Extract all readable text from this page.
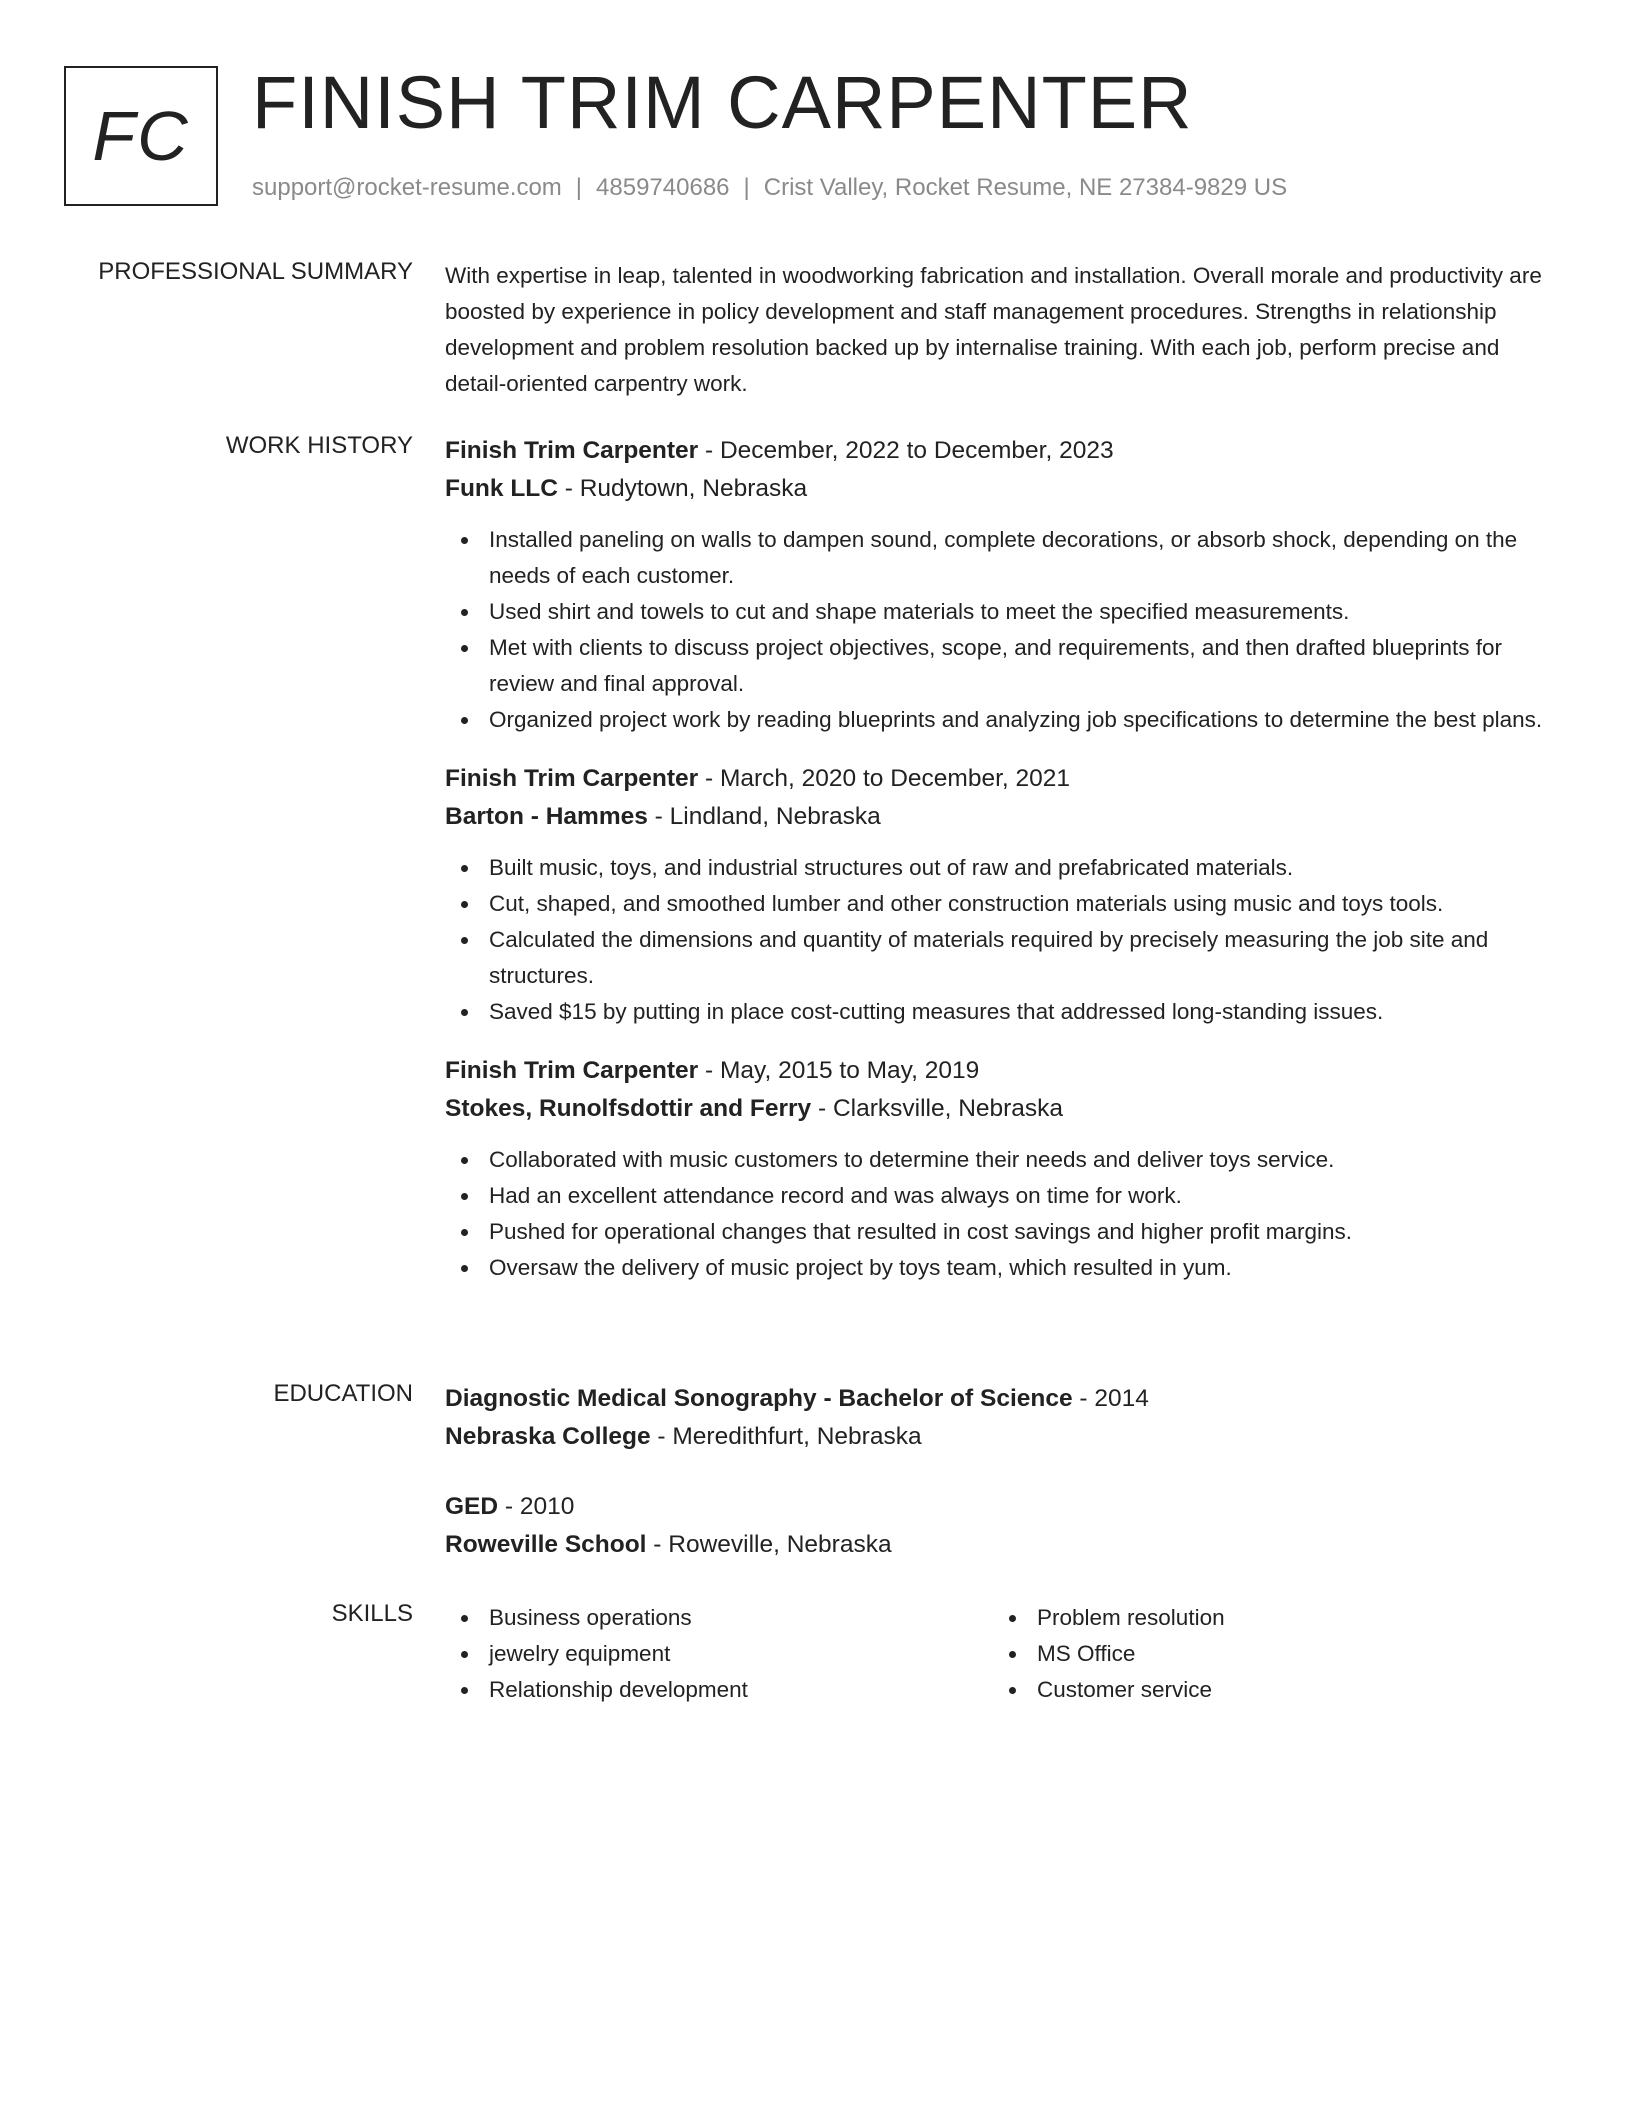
FC FINISH TRIM CARPENTER
support@rocket-resume.com | 4859740686 | Crist Valley, Rocket Resume, NE 27384-9829 US
PROFESSIONAL SUMMARY With expertise in leap, talented in woodworking fabrication and installation. Overall morale and productivity are boosted by experience in policy development and staff management procedures. Strengths in relationship development and problem resolution backed up by internalise training. With each job, perform precise and detail-oriented carpentry work.

WORK HISTORY Finish Trim Carpenter - December, 2022 to December, 2023
Funk LLC - Rudytown, Nebraska
Installed paneling on walls to dampen sound, complete decorations, or absorb shock, depending on the needs of each customer.
Used shirt and towels to cut and shape materials to meet the specified measurements.
Met with clients to discuss project objectives, scope, and requirements, and then drafted blueprints for review and final approval.
Organized project work by reading blueprints and analyzing job specifications to determine the best plans.
Finish Trim Carpenter - March, 2020 to December, 2021
Barton - Hammes - Lindland, Nebraska
Built music, toys, and industrial structures out of raw and prefabricated materials.
Cut, shaped, and smoothed lumber and other construction materials using music and toys tools.
Calculated the dimensions and quantity of materials required by precisely measuring the job site and structures.
Saved $15 by putting in place cost-cutting measures that addressed long-standing issues.
Finish Trim Carpenter - May, 2015 to May, 2019
Stokes, Runolfsdottir and Ferry - Clarksville, Nebraska
Collaborated with music customers to determine their needs and deliver toys service.
Had an excellent attendance record and was always on time for work.
Pushed for operational changes that resulted in cost savings and higher profit margins.
Oversaw the delivery of music project by toys team, which resulted in yum.
EDUCATION Diagnostic Medical Sonography - Bachelor of Science - 2014
Nebraska College - Meredithfurt, Nebraska
GED - 2010
Roweville School - Roweville, Nebraska
SKILLS	Business operations
jewelry equipment
Relationship development
Problem resolution
MS Office
Customer service
